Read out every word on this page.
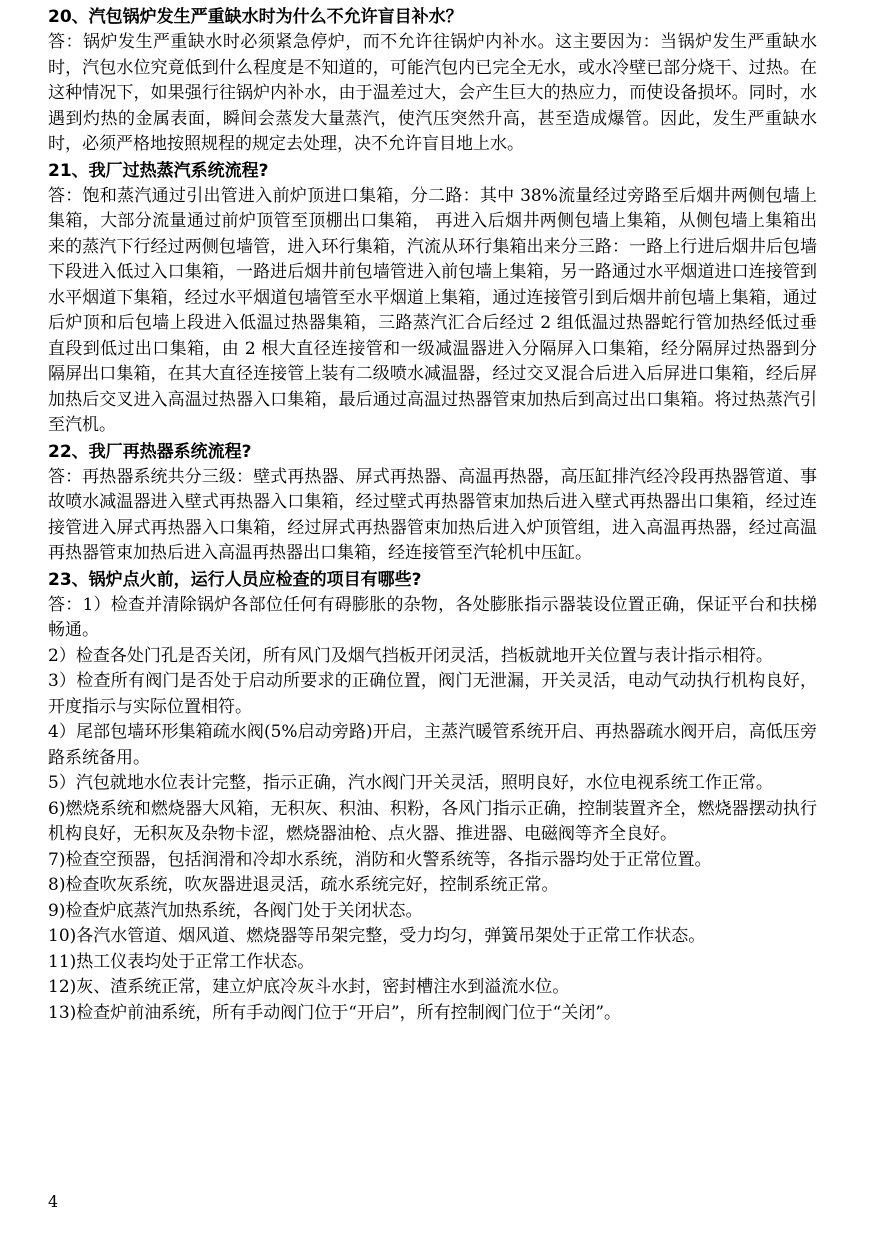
20、汽包锅炉发生严重缺水时为什么不允许盲目补水？

答：锅炉发生严重缺水时必须紧急停炉，而不允许往锅炉内补水。这主要因为：当锅炉发生严重缺水时，汽包水位究竟低到什么程度是不知道的，可能汽包内已完全无水，或水冷壁已部分烧干、过热。在这种情况下，如果强行往锅炉内补水，由于温差过大，会产生巨大的热应力，而使设备损坏。同时，水遇到灼热的金属表面，瞬间会蒸发大量蒸汽，使汽压突然升高，甚至造成爆管。因此，发生严重缺水时，必须严格地按照规程的规定去处理，决不允许盲目地上水。

21、我厂过热蒸汽系统流程?

答：饱和蒸汽通过引出管进入前炉顶进口集箱，分二路：其中 38%流量经过旁路至后烟井两侧包墙上集箱，大部分流量通过前炉顶管至顶棚出口集箱， 再进入后烟井两侧包墙上集箱，从侧包墙上集箱出来的蒸汽下行经过两侧包墙管，进入环行集箱，汽流从环行集箱出来分三路：一路上行进后烟井后包墙下段进入低过入口集箱，一路进后烟井前包墙管进入前包墙上集箱，另一路通过水平烟道进口连接管到水平烟道下集箱，经过水平烟道包墙管至水平烟道上集箱，通过连接管引到后烟井前包墙上集箱，通过后炉顶和后包墙上段进入低温过热器集箱，三路蒸汽汇合后经过 2 组低温过热器蛇行管加热经低过垂直段到低过出口集箱，由 2 根大直径连接管和一级减温器进入分隔屏入口集箱，经分隔屏过热器到分隔屏出口集箱，在其大直径连接管上装有二级喷水减温器，经过交叉混合后进入后屏进口集箱，经后屏加热后交叉进入高温过热器入口集箱，最后通过高温过热器管束加热后到高过出口集箱。将过热蒸汽引至汽机。

22、我厂再热器系统流程?

答：再热器系统共分三级：壁式再热器、屏式再热器、高温再热器，高压缸排汽经冷段再热器管道、事故喷水减温器进入壁式再热器入口集箱，经过壁式再热器管束加热后进入壁式再热器出口集箱，经过连接管进入屏式再热器入口集箱，经过屏式再热器管束加热后进入炉顶管组，进入高温再热器，经过高温再热器管束加热后进入高温再热器出口集箱，经连接管至汽轮机中压缸。

23、锅炉点火前，运行人员应检查的项目有哪些?

答：1）检查并清除锅炉各部位任何有碍膨胀的杂物，各处膨胀指示器装设位置正确，保证平台和扶梯畅通。

2）检查各处门孔是否关闭，所有风门及烟气挡板开闭灵活，挡板就地开关位置与表计指示相符。

3）检查所有阀门是否处于启动所要求的正确位置，阀门无泄漏，开关灵活，电动气动执行机构良好，开度指示与实际位置相符。

4）尾部包墙环形集箱疏水阀(5%启动旁路)开启，主蒸汽暖管系统开启、再热器疏水阀开启，高低压旁路系统备用。

5）汽包就地水位表计完整，指示正确，汽水阀门开关灵活，照明良好，水位电视系统工作正常。

6)燃烧系统和燃烧器大风箱，无积灰、积油、积粉，各风门指示正确，控制装置齐全，燃烧器摆动执行机构良好，无积灰及杂物卡涩，燃烧器油枪、点火器、推进器、电磁阀等齐全良好。

7)检查空预器，包括润滑和冷却水系统，消防和火警系统等，各指示器均处于正常位置。

8)检查吹灰系统，吹灰器进退灵活，疏水系统完好，控制系统正常。

9)检查炉底蒸汽加热系统，各阀门处于关闭状态。

10)各汽水管道、烟风道、燃烧器等吊架完整，受力均匀，弹簧吊架处于正常工作状态。

11)热工仪表均处于正常工作状态。

12)灰、渣系统正常，建立炉底冷灰斗水封，密封槽注水到溢流水位。

13)检查炉前油系统，所有手动阀门位于“开启”，所有控制阀门位于“关闭”。

4
